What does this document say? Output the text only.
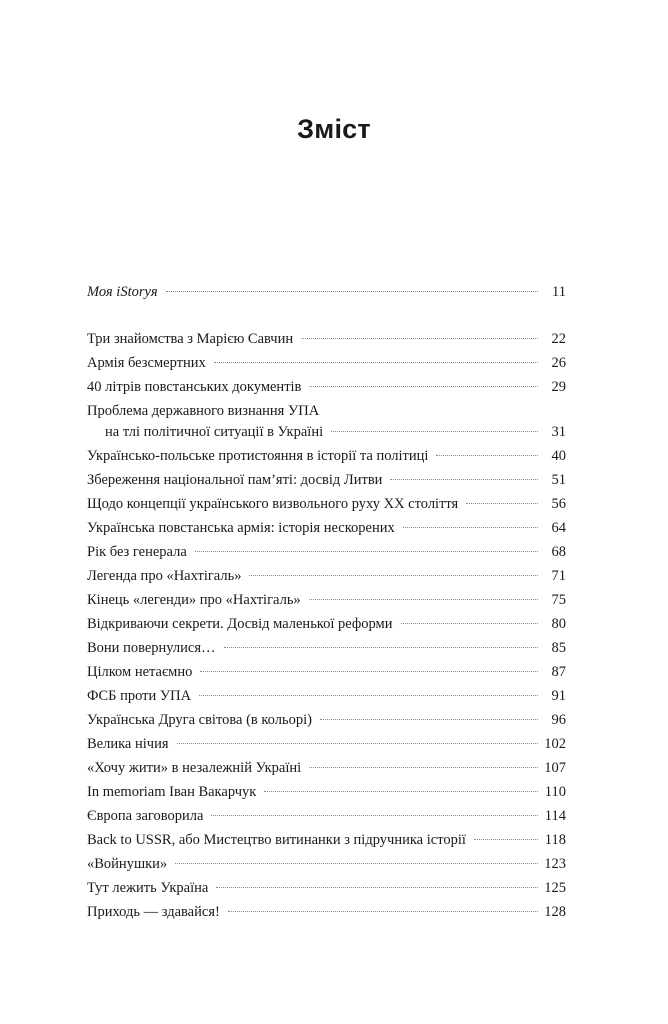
Зміст
Моя iStoryя	11
Три знайомства з Марією Савчин	22
Армія безсмертних	26
40 літрів повстанських документів	29
Проблема державного визнання УПА
на тлі політичної ситуації в Україні	31
Українсько-польське протистояння в історії та політиці	40
Збереження національної пам’яті: досвід Литви	51
Щодо концепції українського визвольного руху XX століття	56
Українська повстанська армія: історія нескорених	64
Рік без генерала	68
Легенда про «Нахтігаль»	71
Кінець «легенди» про «Нахтігаль»	75
Відкриваючи секрети. Досвід маленької реформи	80
Вони повернулися…	85
Цілком нетаємно	87
ФСБ проти УПА	91
Українська Друга світова (в кольорі)	96
Велика нічия	102
«Хочу жити» в незалежній Україні	107
In memoriam Іван Вакарчук	110
Європа заговорила	114
Back to USSR, або Мистецтво витинанки з підручника історії	118
«Войнушки»	123
Тут лежить Україна	125
Приходь — здавайся!	128
